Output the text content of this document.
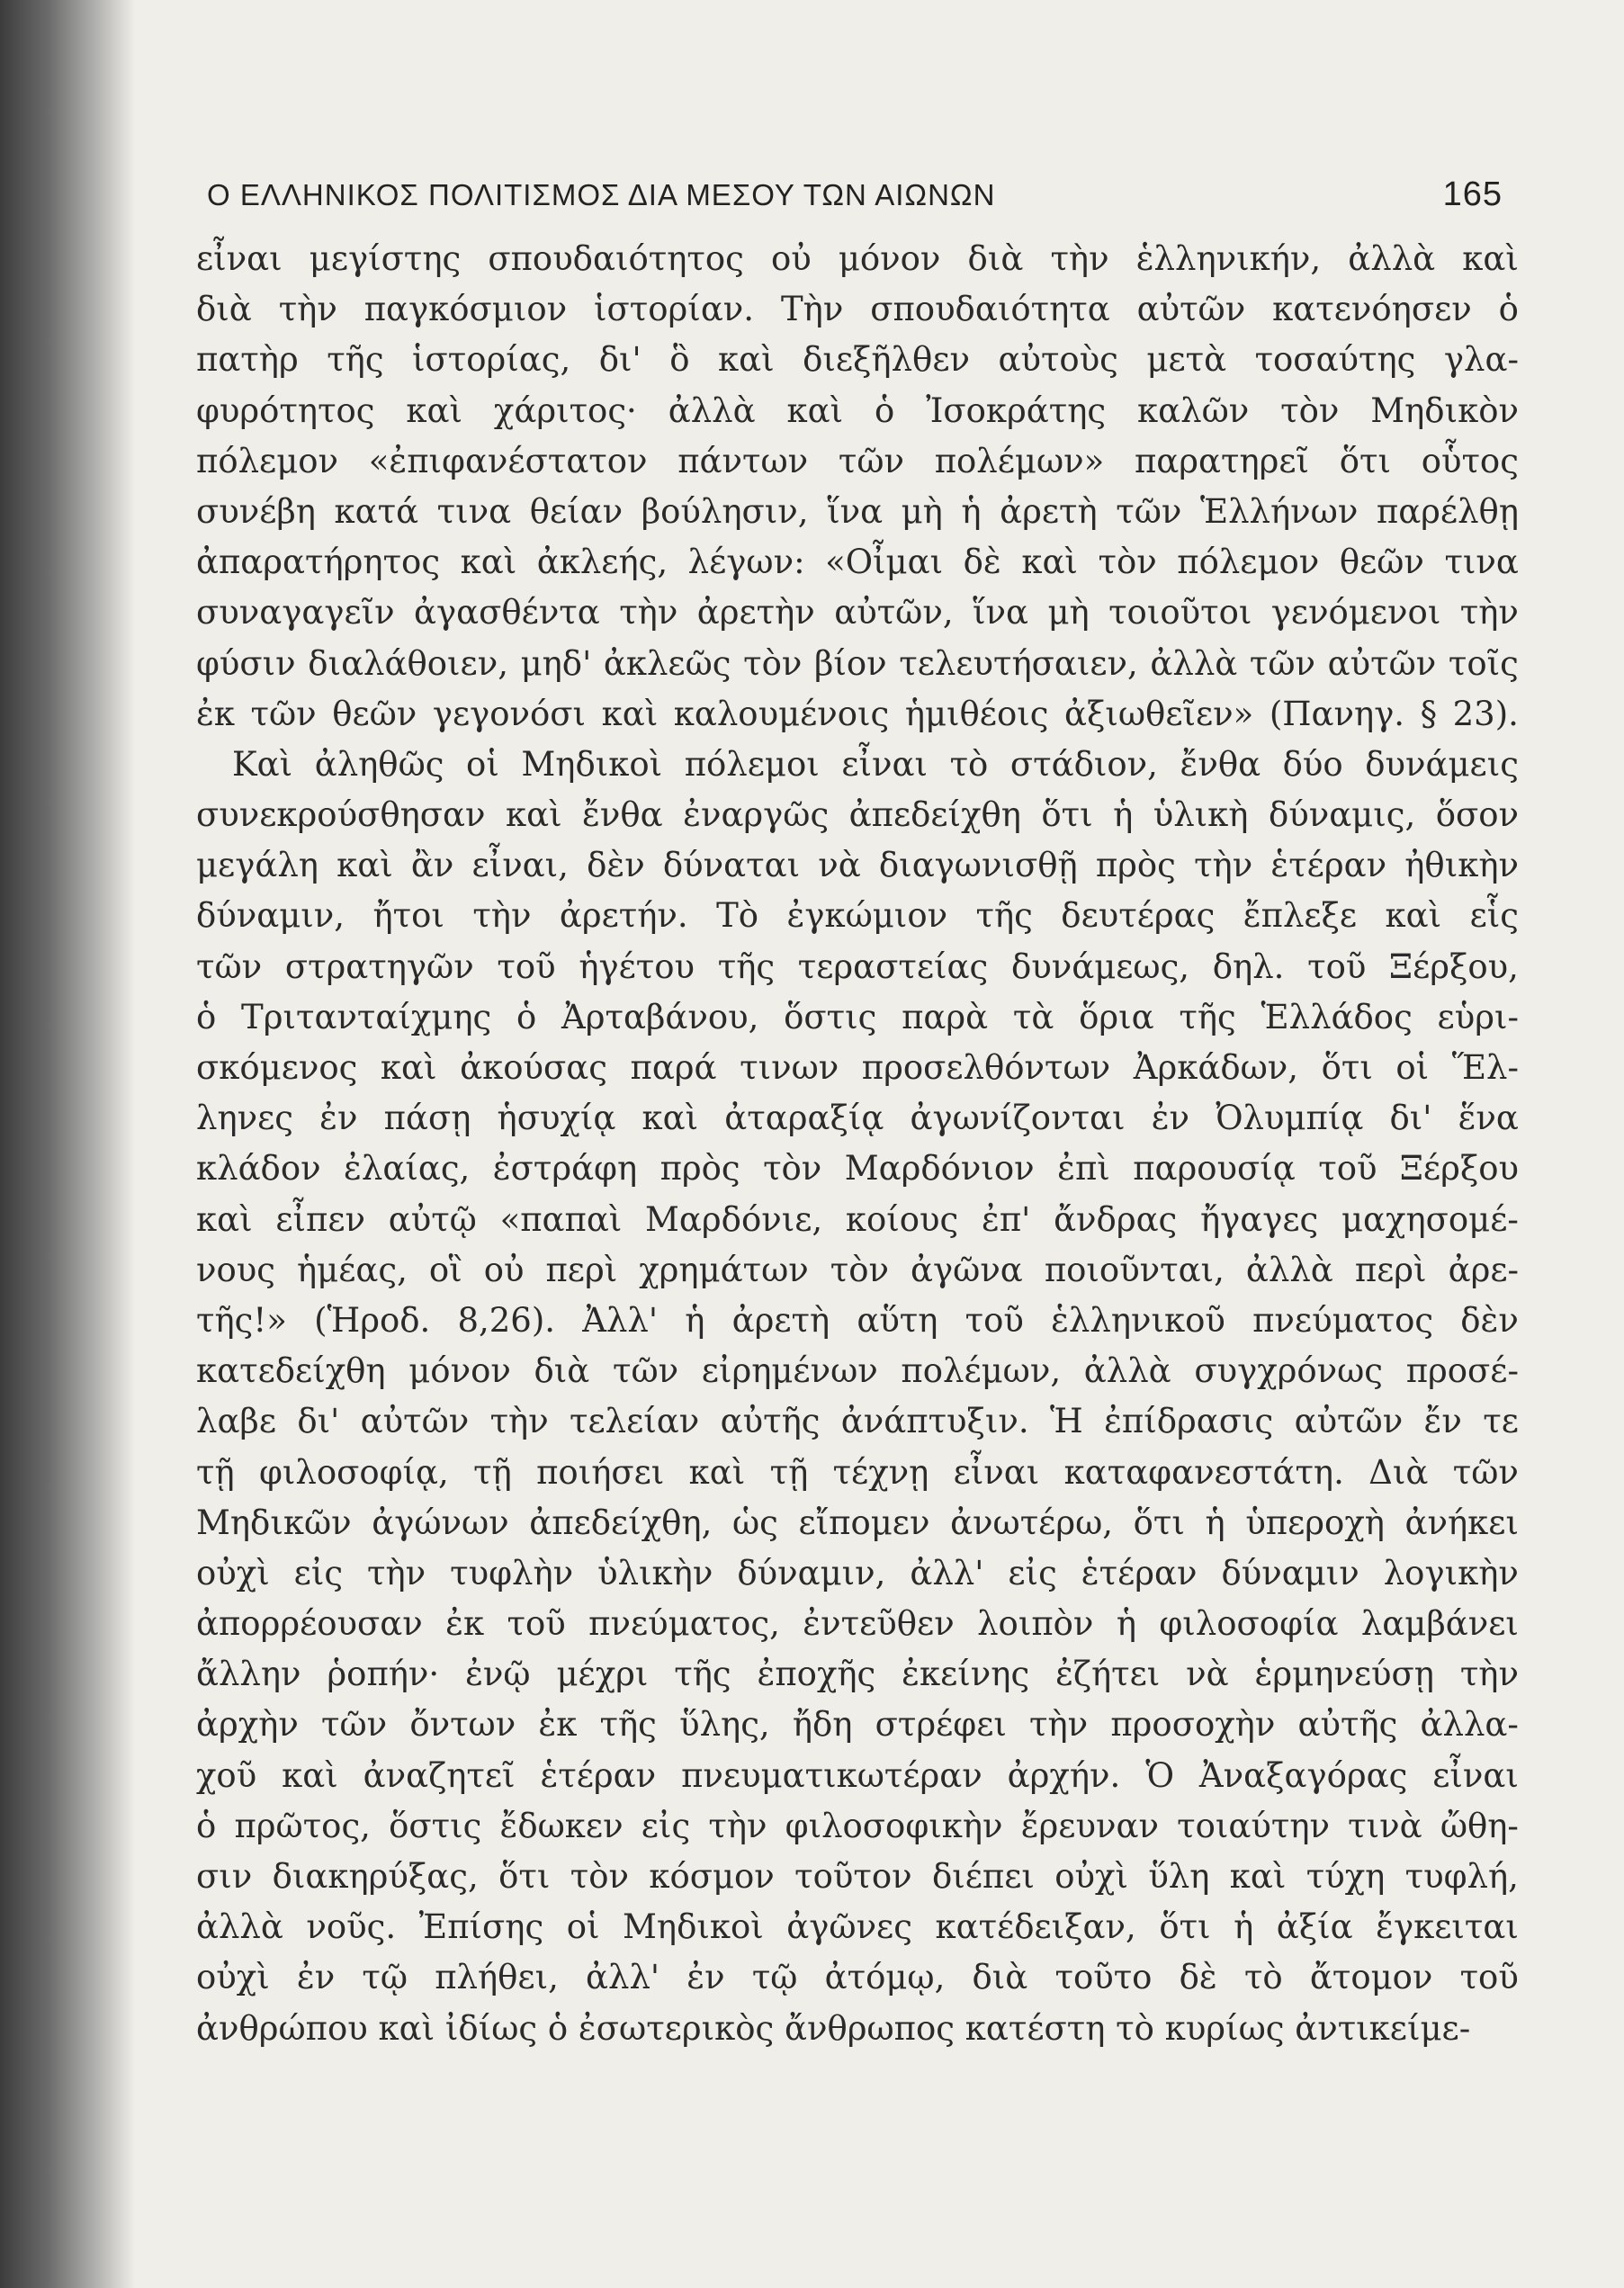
Ο ΕΛΛΗΝΙΚΟΣ ΠΟΛΙΤΙΣΜΟΣ ΔΙΑ ΜΕΣΟΥ ΤΩΝ ΑΙΩΝΩΝ	165
εἶναι μεγίστης σπουδαιότητος οὐ μόνον διὰ τὴν ἑλληνικήν, ἀλλὰ καὶ
διὰ τὴν παγκόσμιον ἱστορίαν. Τὴν σπουδαιότητα αὐτῶν κατενόησεν ὁ
πατὴρ τῆς ἱστορίας, δι' ὃ καὶ διεξῆλθεν αὐτοὺς μετὰ τοσαύτης γλα-
φυρότητος καὶ χάριτος· ἀλλὰ καὶ ὁ Ἰσοκράτης καλῶν τὸν Μηδικὸν
πόλεμον «ἐπιφανέστατον πάντων τῶν πολέμων» παρατηρεῖ ὅτι οὗτος
συνέβη κατά τινα θείαν βούλησιν, ἵνα μὴ ἡ ἀρετὴ τῶν Ἑλλήνων παρέλθῃ
ἀπαρατήρητος καὶ ἀκλεής, λέγων: «Οἶμαι δὲ καὶ τὸν πόλεμον θεῶν τινα
συναγαγεῖν ἀγασθέντα τὴν ἀρετὴν αὐτῶν, ἵνα μὴ τοιοῦτοι γενόμενοι τὴν
φύσιν διαλάθοιεν, μηδ' ἀκλεῶς τὸν βίον τελευτήσαιεν, ἀλλὰ τῶν αὐτῶν τοῖς
ἐκ τῶν θεῶν γεγονόσι καὶ καλουμένοις ἡμιθέοις ἀξιωθεῖεν» (Πανηγ. § 23).
Καὶ ἀληθῶς οἱ Μηδικοὶ πόλεμοι εἶναι τὸ στάδιον, ἔνθα δύο δυνάμεις
συνεκρούσθησαν καὶ ἔνθα ἐναργῶς ἀπεδείχθη ὅτι ἡ ὑλικὴ δύναμις, ὅσον
μεγάλη καὶ ἂν εἶναι, δὲν δύναται νὰ διαγωνισθῇ πρὸς τὴν ἑτέραν ἠθικὴν
δύναμιν, ἤτοι τὴν ἀρετήν. Τὸ ἐγκώμιον τῆς δευτέρας ἔπλεξε καὶ εἷς
τῶν στρατηγῶν τοῦ ἡγέτου τῆς τεραστείας δυνάμεως, δηλ. τοῦ Ξέρξου,
ὁ Τριτανταίχμης ὁ Ἀρταβάνου, ὅστις παρὰ τὰ ὅρια τῆς Ἑλλάδος εὑρι-
σκόμενος καὶ ἀκούσας παρά τινων προσελθόντων Ἀρκάδων, ὅτι οἱ Ἕλ-
ληνες ἐν πάσῃ ἡσυχίᾳ καὶ ἀταραξίᾳ ἀγωνίζονται ἐν Ὀλυμπίᾳ δι' ἕνα
κλάδον ἐλαίας, ἐστράφη πρὸς τὸν Μαρδόνιον ἐπὶ παρουσίᾳ τοῦ Ξέρξου
καὶ εἶπεν αὐτῷ «παπαὶ Μαρδόνιε, κοίους ἐπ' ἄνδρας ἤγαγες μαχησομέ-
νους ἡμέας, οἳ οὐ περὶ χρημάτων τὸν ἀγῶνα ποιοῦνται, ἀλλὰ περὶ ἀρε-
τῆς!» (Ἡροδ. 8,26). Ἀλλ' ἡ ἀρετὴ αὕτη τοῦ ἑλληνικοῦ πνεύματος δὲν
κατεδείχθη μόνον διὰ τῶν εἰρημένων πολέμων, ἀλλὰ συγχρόνως προσέ-
λαβε δι' αὐτῶν τὴν τελείαν αὐτῆς ἀνάπτυξιν. Ἡ ἐπίδρασις αὐτῶν ἔν τε
τῇ φιλοσοφίᾳ, τῇ ποιήσει καὶ τῇ τέχνῃ εἶναι καταφανεστάτη. Διὰ τῶν
Μηδικῶν ἀγώνων ἀπεδείχθη, ὡς εἴπομεν ἀνωτέρω, ὅτι ἡ ὑπεροχὴ ἀνήκει
οὐχὶ εἰς τὴν τυφλὴν ὑλικὴν δύναμιν, ἀλλ' εἰς ἑτέραν δύναμιν λογικὴν
ἀπορρέουσαν ἐκ τοῦ πνεύματος, ἐντεῦθεν λοιπὸν ἡ φιλοσοφία λαμβάνει
ἄλλην ῥοπήν· ἐνῷ μέχρι τῆς ἐποχῆς ἐκείνης ἐζήτει νὰ ἑρμηνεύσῃ τὴν
ἀρχὴν τῶν ὄντων ἐκ τῆς ὕλης, ἤδη στρέφει τὴν προσοχὴν αὐτῆς ἀλλα-
χοῦ καὶ ἀναζητεῖ ἑτέραν πνευματικωτέραν ἀρχήν. Ὁ Ἀναξαγόρας εἶναι
ὁ πρῶτος, ὅστις ἔδωκεν εἰς τὴν φιλοσοφικὴν ἔρευναν τοιαύτην τινὰ ὤθη-
σιν διακηρύξας, ὅτι τὸν κόσμον τοῦτον διέπει οὐχὶ ὕλη καὶ τύχη τυφλή,
ἀλλὰ νοῦς. Ἐπίσης οἱ Μηδικοὶ ἀγῶνες κατέδειξαν, ὅτι ἡ ἀξία ἔγκειται
οὐχὶ ἐν τῷ πλήθει, ἀλλ' ἐν τῷ ἀτόμῳ, διὰ τοῦτο δὲ τὸ ἄτομον τοῦ
ἀνθρώπου καὶ ἰδίως ὁ ἐσωτερικὸς ἄνθρωπος κατέστη τὸ κυρίως ἀντικείμε-
